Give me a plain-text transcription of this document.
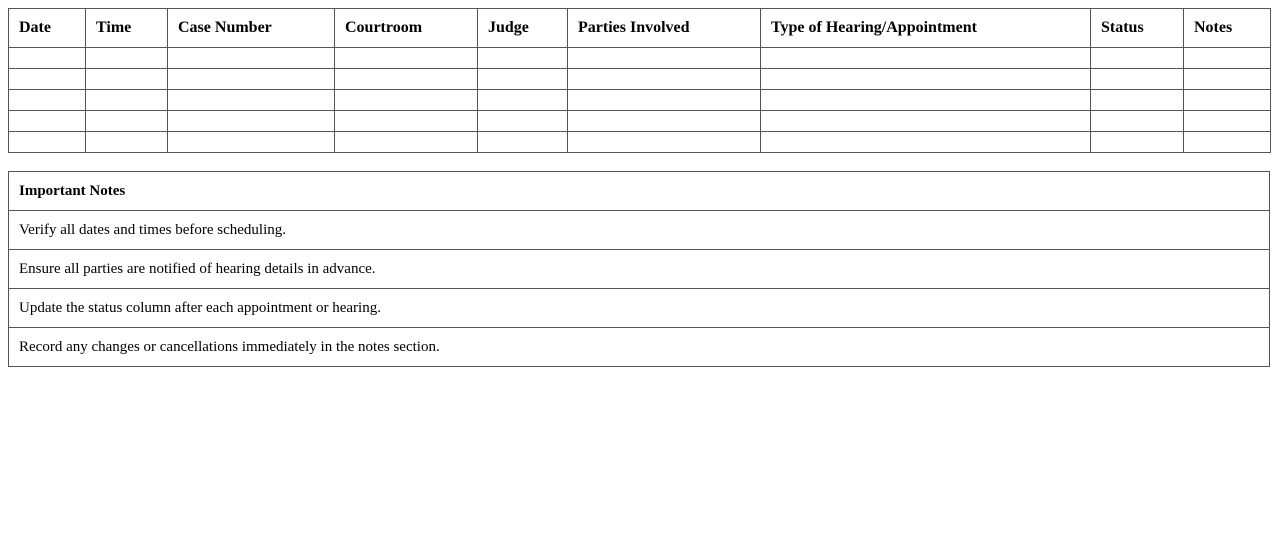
Date	Time	Case Number	Courtroom	Judge	Parties Involved	Type of Hearing/Appointment	Status	Notes

Important Notes
Verify all dates and times before scheduling.
Ensure all parties are notified of hearing details in advance.
Update the status column after each appointment or hearing.
Record any changes or cancellations immediately in the notes section.
